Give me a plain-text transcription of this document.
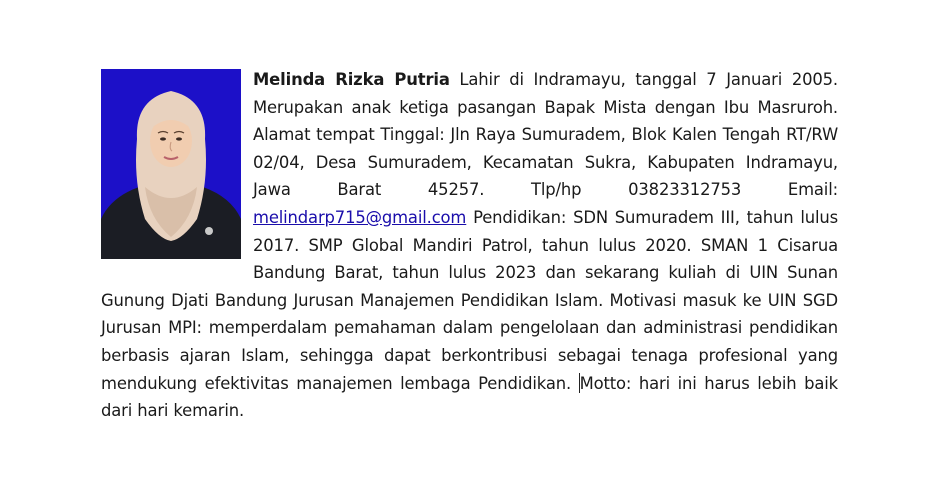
Melinda Rizka Putria Lahir di Indramayu, tanggal 7 Januari 2005. Merupakan anak ketiga pasangan Bapak Mista dengan Ibu Masruroh. Alamat tempat Tinggal: Jln Raya Sumuradem, Blok Kalen Tengah RT/RW 02/04, Desa Sumuradem, Kecamatan Sukra, Kabupaten Indramayu, Jawa Barat 45257. Tlp/hp 03823312753 Email: melindarp715@gmail.com Pendidikan: SDN Sumuradem III, tahun lulus 2017. SMP Global Mandiri Patrol, tahun lulus 2020. SMAN 1 Cisarua Bandung Barat, tahun lulus 2023 dan sekarang kuliah di UIN Sunan Gunung Djati Bandung Jurusan Manajemen Pendidikan Islam. Motivasi masuk ke UIN SGD Jurusan MPI: memperdalam pemahaman dalam pengelolaan dan administrasi pendidikan berbasis ajaran Islam, sehingga dapat berkontribusi sebagai tenaga profesional yang mendukung efektivitas manajemen lembaga Pendidikan. Motto: hari ini harus lebih baik dari hari kemarin.
